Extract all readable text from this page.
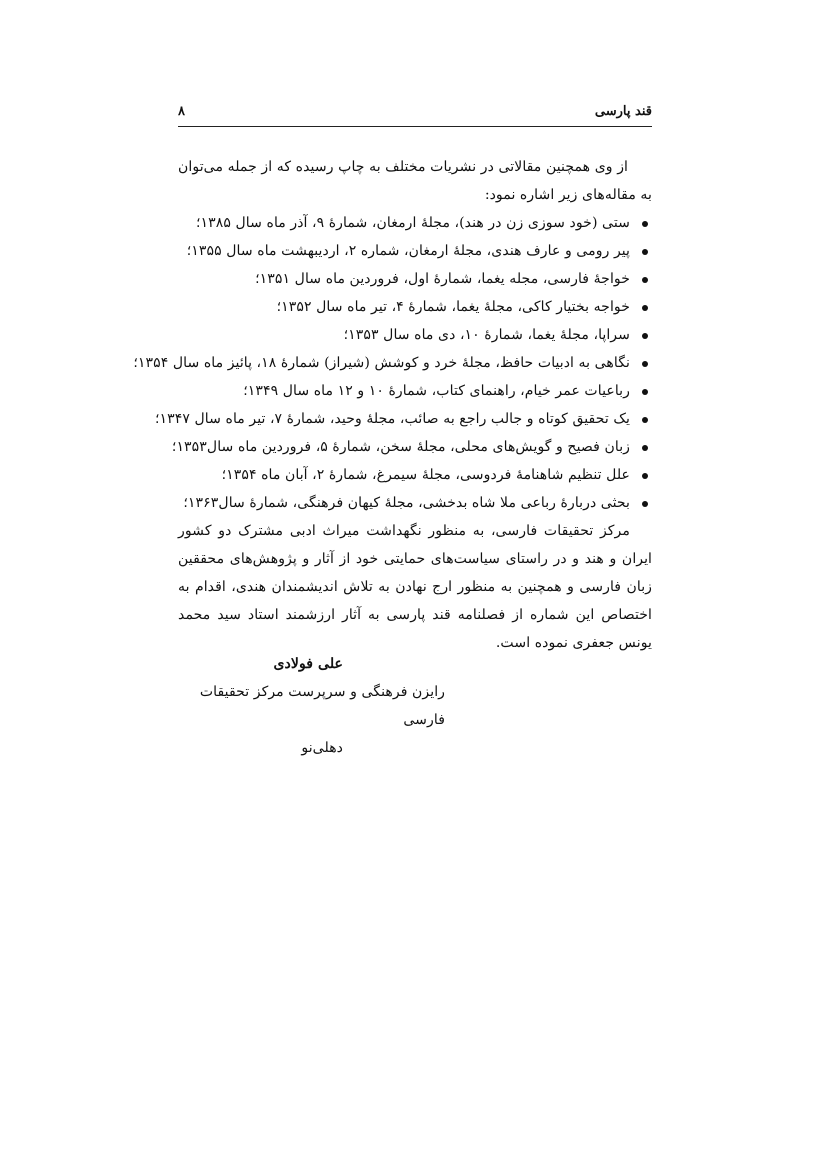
قند پارسی
۸

از وی همچنین مقالاتی در نشریات مختلف به چاپ رسیده که از جمله می‌توان به مقاله‌های زیر اشاره نمود:

ستی (خود سوزی زن در هند)، مجلهٔ ارمغان، شمارهٔ ۹، آذر ماه سال ۱۳۸۵؛
پیر رومی و عارف هندی، مجلهٔ ارمغان، شماره ۲، اردیبهشت ماه سال ۱۳۵۵؛
خواجهٔ فارسی، مجله یغما، شمارهٔ اول، فروردین ماه سال ۱۳۵۱؛
خواجه بختیار کاکی، مجلهٔ یغما، شمارهٔ ۴، تیر ماه سال ۱۳۵۲؛
سراپا، مجلهٔ یغما، شمارهٔ ۱۰، دی ماه سال ۱۳۵۳؛
نگاهی به ادبیات حافظ، مجلهٔ خرد و کوشش (شیراز) شمارهٔ ۱۸، پائیز ماه سال ۱۳۵۴؛
رباعیات عمر خیام، راهنمای کتاب، شمارهٔ ۱۰ و ۱۲ ماه سال ۱۳۴۹؛
یک تحقیق کوتاه و جالب راجع به صائب، مجلهٔ وحید، شمارهٔ ۷، تیر ماه سال ۱۳۴۷؛
زبان فصیح و گویش‌های محلی، مجلهٔ سخن، شمارهٔ ۵، فروردین ماه سال۱۳۵۳؛
علل تنظیم شاهنامهٔ فردوسی، مجلهٔ سیمرغ، شمارهٔ ۲، آبان ماه ۱۳۵۴؛
بحثی دربارهٔ رباعی ملا شاه بدخشی، مجلهٔ کیهان فرهنگی، شمارهٔ سال۱۳۶۳؛

مرکز تحقیقات فارسی، به منظور نگهداشت میراث ادبی مشترک دو کشور ایران و هند و در راستای سیاست‌های حمایتی خود از آثار و پژوهش‌های محققین زبان فارسی و همچنین به منظور ارج نهادن به تلاش اندیشمندان هندی، اقدام به اختصاص این شماره از فصلنامه قند پارسی به آثار ارزشمند استاد سید محمد یونس جعفری نموده است.

علی فولادی
رایزن فرهنگی و سرپرست مرکز تحقیقات فارسی
دهلی‌نو
